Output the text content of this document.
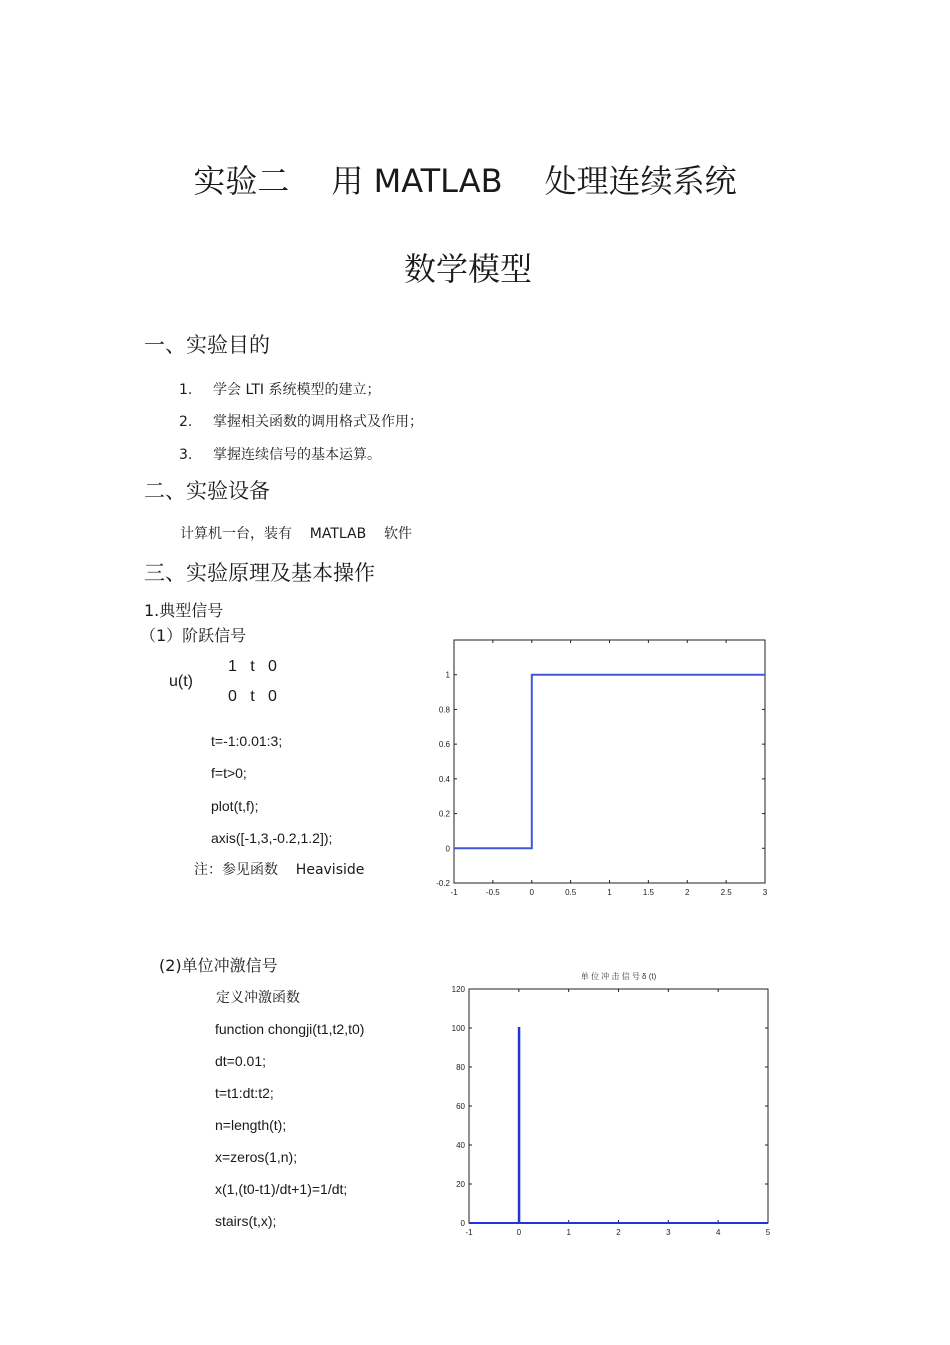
实验二 用 MATLAB 处理连续系统
数学模型
一、实验目的
1. 学会 LTI 系统模型的建立；
2. 掌握相关函数的调用格式及作用；
3. 掌握连续信号的基本运算。
二、实验设备
计算机一台，装有    MATLAB    软件
三、实验原理及基本操作
1.典型信号
（1）阶跃信号
u(t)
1   t   0
0   t   0
t=-1:0.01:3;
f=t>0;
plot(t,f);
axis([-1,3,-0.2,1.2]);
注：参见函数    Heaviside
-1	-0.5	0	0.5	1	1.5	2	2.5	3
-0.2
0
0.2
0.4
0.6
0.8
1
(2)单位冲激信号
定义冲激函数
function chongji(t1,t2,t0)
dt=0.01;
t=t1:dt:t2;
n=length(t);
x=zeros(1,n);
x(1,(t0-t1)/dt+1)=1/dt;
stairs(t,x);
单 位 冲 击 信 号 δ (t)
-1	0	1	2	3	4	5
0
20
40
60
80
100
120
